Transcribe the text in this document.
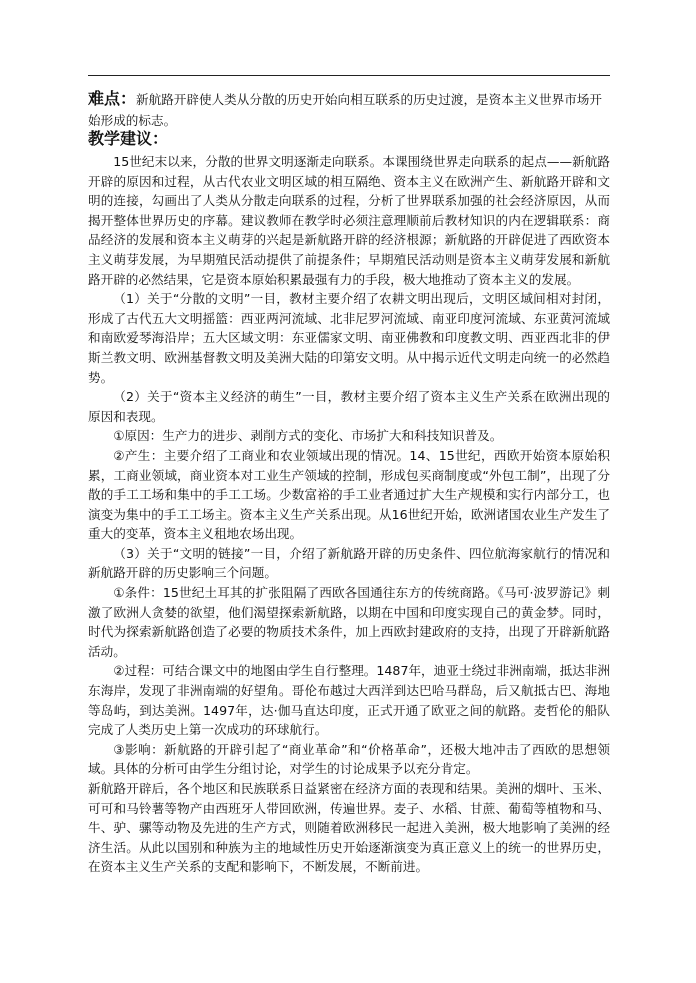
难点：新航路开辟使人类从分散的历史开始向相互联系的历史过渡，是资本主义世界市场开始形成的标志。
教学建议：

15世纪末以来，分散的世界文明逐渐走向联系。本课围绕世界走向联系的起点——新航路开辟的原因和过程，从古代农业文明区域的相互隔绝、资本主义在欧洲产生、新航路开辟和文明的连接，勾画出了人类从分散走向联系的过程，分析了世界联系加强的社会经济原因，从而揭开整体世界历史的序幕。建议教师在教学时必须注意理顺前后教材知识的内在逻辑联系：商品经济的发展和资本主义萌芽的兴起是新航路开辟的经济根源；新航路的开辟促进了西欧资本主义萌芽发展，为早期殖民活动提供了前提条件；早期殖民活动则是资本主义萌芽发展和新航路开辟的必然结果，它是资本原始积累最强有力的手段，极大地推动了资本主义的发展。

（1）关于“分散的文明”一目，教材主要介绍了农耕文明出现后，文明区域间相对封闭，形成了古代五大文明摇篮：西亚两河流域、北非尼罗河流域、南亚印度河流域、东亚黄河流域和南欧爱琴海沿岸；五大区域文明：东亚儒家文明、南亚佛教和印度教文明、西亚西北非的伊斯兰教文明、欧洲基督教文明及美洲大陆的印第安文明。从中揭示近代文明走向统一的必然趋势。

（2）关于“资本主义经济的萌生”一目，教材主要介绍了资本主义生产关系在欧洲出现的原因和表现。

①原因：生产力的进步、剥削方式的变化、市场扩大和科技知识普及。

②产生：主要介绍了工商业和农业领域出现的情况。14、15世纪，西欧开始资本原始积累，工商业领域，商业资本对工业生产领域的控制，形成包买商制度或“外包工制”，出现了分散的手工工场和集中的手工工场。少数富裕的手工业者通过扩大生产规模和实行内部分工，也演变为集中的手工工场主。资本主义生产关系出现。从16世纪开始，欧洲诸国农业生产发生了重大的变革，资本主义租地农场出现。

（3）关于“文明的链接”一目，介绍了新航路开辟的历史条件、四位航海家航行的情况和新航路开辟的历史影响三个问题。

①条件：15世纪土耳其的扩张阻隔了西欧各国通往东方的传统商路。《马可·波罗游记》刺激了欧洲人贪婪的欲望，他们渴望探索新航路，以期在中国和印度实现自己的黄金梦。同时，时代为探索新航路创造了必要的物质技术条件，加上西欧封建政府的支持，出现了开辟新航路活动。

②过程：可结合课文中的地图由学生自行整理。1487年，迪亚士绕过非洲南端，抵达非洲东海岸，发现了非洲南端的好望角。哥伦布越过大西洋到达巴哈马群岛，后又航抵古巴、海地等岛屿，到达美洲。1497年，达·伽马直达印度，正式开通了欧亚之间的航路。麦哲伦的船队完成了人类历史上第一次成功的环球航行。

③影响：新航路的开辟引起了“商业革命”和“价格革命”，还极大地冲击了西欧的思想领域。具体的分析可由学生分组讨论，对学生的讨论成果予以充分肯定。

新航路开辟后，各个地区和民族联系日益紧密在经济方面的表现和结果。美洲的烟叶、玉米、可可和马铃薯等物产由西班牙人带回欧洲，传遍世界。麦子、水稻、甘蔗、葡萄等植物和马、牛、驴、骡等动物及先进的生产方式，则随着欧洲移民一起进入美洲，极大地影响了美洲的经济生活。从此以国别和种族为主的地域性历史开始逐渐演变为真正意义上的统一的世界历史，在资本主义生产关系的支配和影响下，不断发展，不断前进。
